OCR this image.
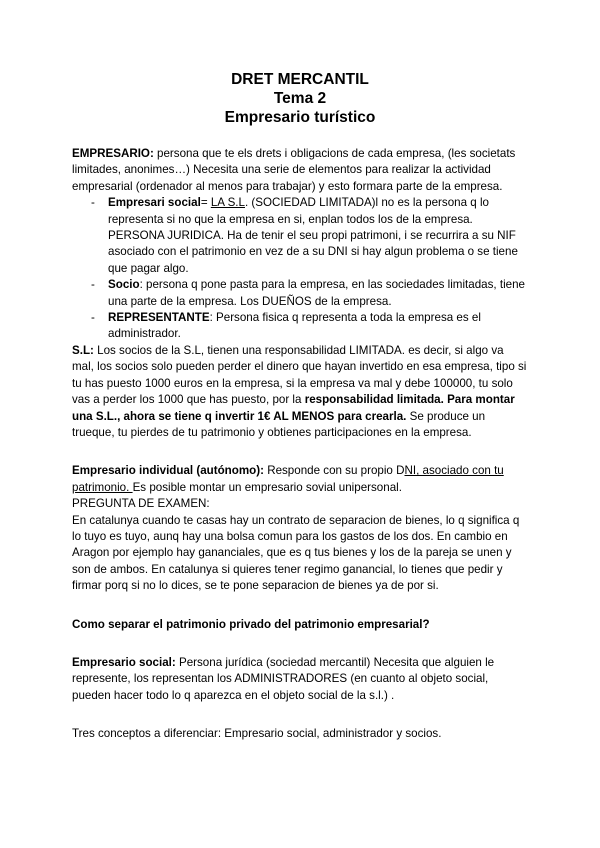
DRET MERCANTIL

Tema 2

Empresario turístico

EMPRESARIO: persona que te els drets i obligacions de cada empresa, (les societats limitades, anonimes…) Necesita una serie de elementos para realizar la actividad empresarial (ordenador al menos para trabajar) y esto formara parte de la empresa.

- Empresari social= LA S.L. (SOCIEDAD LIMITADA)l no es la persona q lo representa si no que la empresa en si, enplan todos los de la empresa. PERSONA JURIDICA. Ha de tenir el seu propi patrimoni, i se recurrira a su NIF asociado con el patrimonio en vez de a su DNI si hay algun problema o se tiene que pagar algo.
- Socio: persona q pone pasta para la empresa, en las sociedades limitadas, tiene una parte de la empresa. Los DUEÑOS de la empresa.
- REPRESENTANTE: Persona fisica q representa a toda la empresa es el administrador.

S.L: Los socios de la S.L, tienen una responsabilidad LIMITADA. es decir, si algo va mal, los socios solo pueden perder el dinero que hayan invertido en esa empresa, tipo si tu has puesto 1000 euros en la empresa, si la empresa va mal y debe 100000, tu solo vas a perder los 1000 que has puesto, por la responsabilidad limitada. Para montar una S.L., ahora se tiene q invertir 1€ AL MENOS para crearla. Se produce un trueque, tu pierdes de tu patrimonio y obtienes participaciones en la empresa.

Empresario individual (autónomo): Responde con su propio DNI, asociado con tu patrimonio. Es posible montar un empresario sovial unipersonal.

PREGUNTA DE EXAMEN:

En catalunya cuando te casas hay un contrato de separacion de bienes, lo q significa q lo tuyo es tuyo, aunq hay una bolsa comun para los gastos de los dos. En cambio en Aragon por ejemplo hay gananciales, que es q tus bienes y los de la pareja se unen y son de ambos. En catalunya si quieres tener regimo ganancial, lo tienes que pedir y firmar porq si no lo dices, se te pone separacion de bienes ya de por si.

Como separar el patrimonio privado del patrimonio empresarial?

Empresario social: Persona jurídica (sociedad mercantil) Necesita que alguien le represente, los representan los ADMINISTRADORES (en cuanto al objeto social, pueden hacer todo lo q aparezca en el objeto social de la s.l.) .

Tres conceptos a diferenciar: Empresario social, administrador y socios.
